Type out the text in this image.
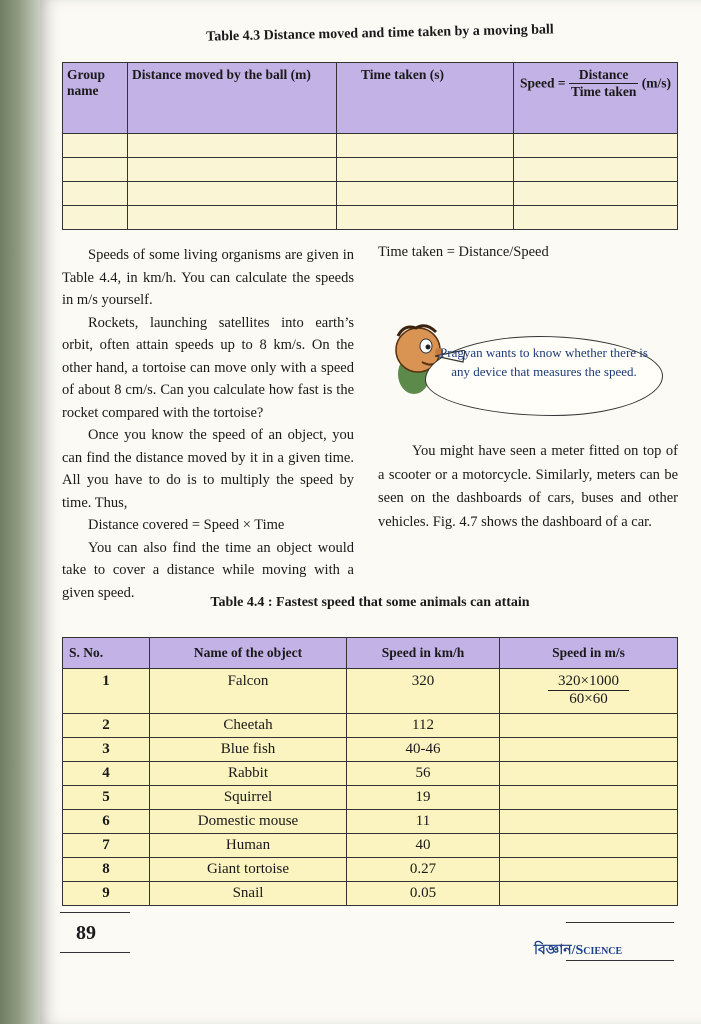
Table 4.3 Distance moved and time taken by a moving ball
Group name	Distance moved by the ball (m)	Time taken (s)	Speed = $\frac{\text{Distance}}{\text{Time taken}} (m/s)$

Speeds of some living organisms are given in Table 4.4, in km/h. You can calculate the speeds in m/s yourself.
Rockets, launching satellites into earth’s orbit, often attain speeds up to 8 km/s. On the other hand, a tortoise can move only with a speed of about 8 cm/s. Can you calculate how fast is the rocket compared with the tortoise?
Once you know the speed of an object, you can find the distance moved by it in a given time. All you have to do is to multiply the speed by time. Thus,
Distance covered = Speed × Time
You can also find the time an object would take to cover a distance while moving with a given speed.
Time taken = Distance/Speed
Pragyan wants to know whether there is any device that measures the speed.
You might have seen a meter fitted on top of a scooter or a motorcycle. Similarly, meters can be seen on the dashboards of cars, buses and other vehicles. Fig. 4.7 shows the dashboard of a car.
Table 4.4 : Fastest speed that some animals can attain
S. No.	Name of the object	Speed in km/h	Speed in m/s
1	Falcon	320	$\frac{320\times 1000}{60\times 60}$

2	Cheetah	112	
3	Blue fish	40-46	
4	Rabbit	56	
5	Squirrel	19	
6	Domestic mouse	11	
7	Human	40	
8	Giant tortoise	0.27	
9	Snail	0.05	
89
বিজ্ঞান/Science
